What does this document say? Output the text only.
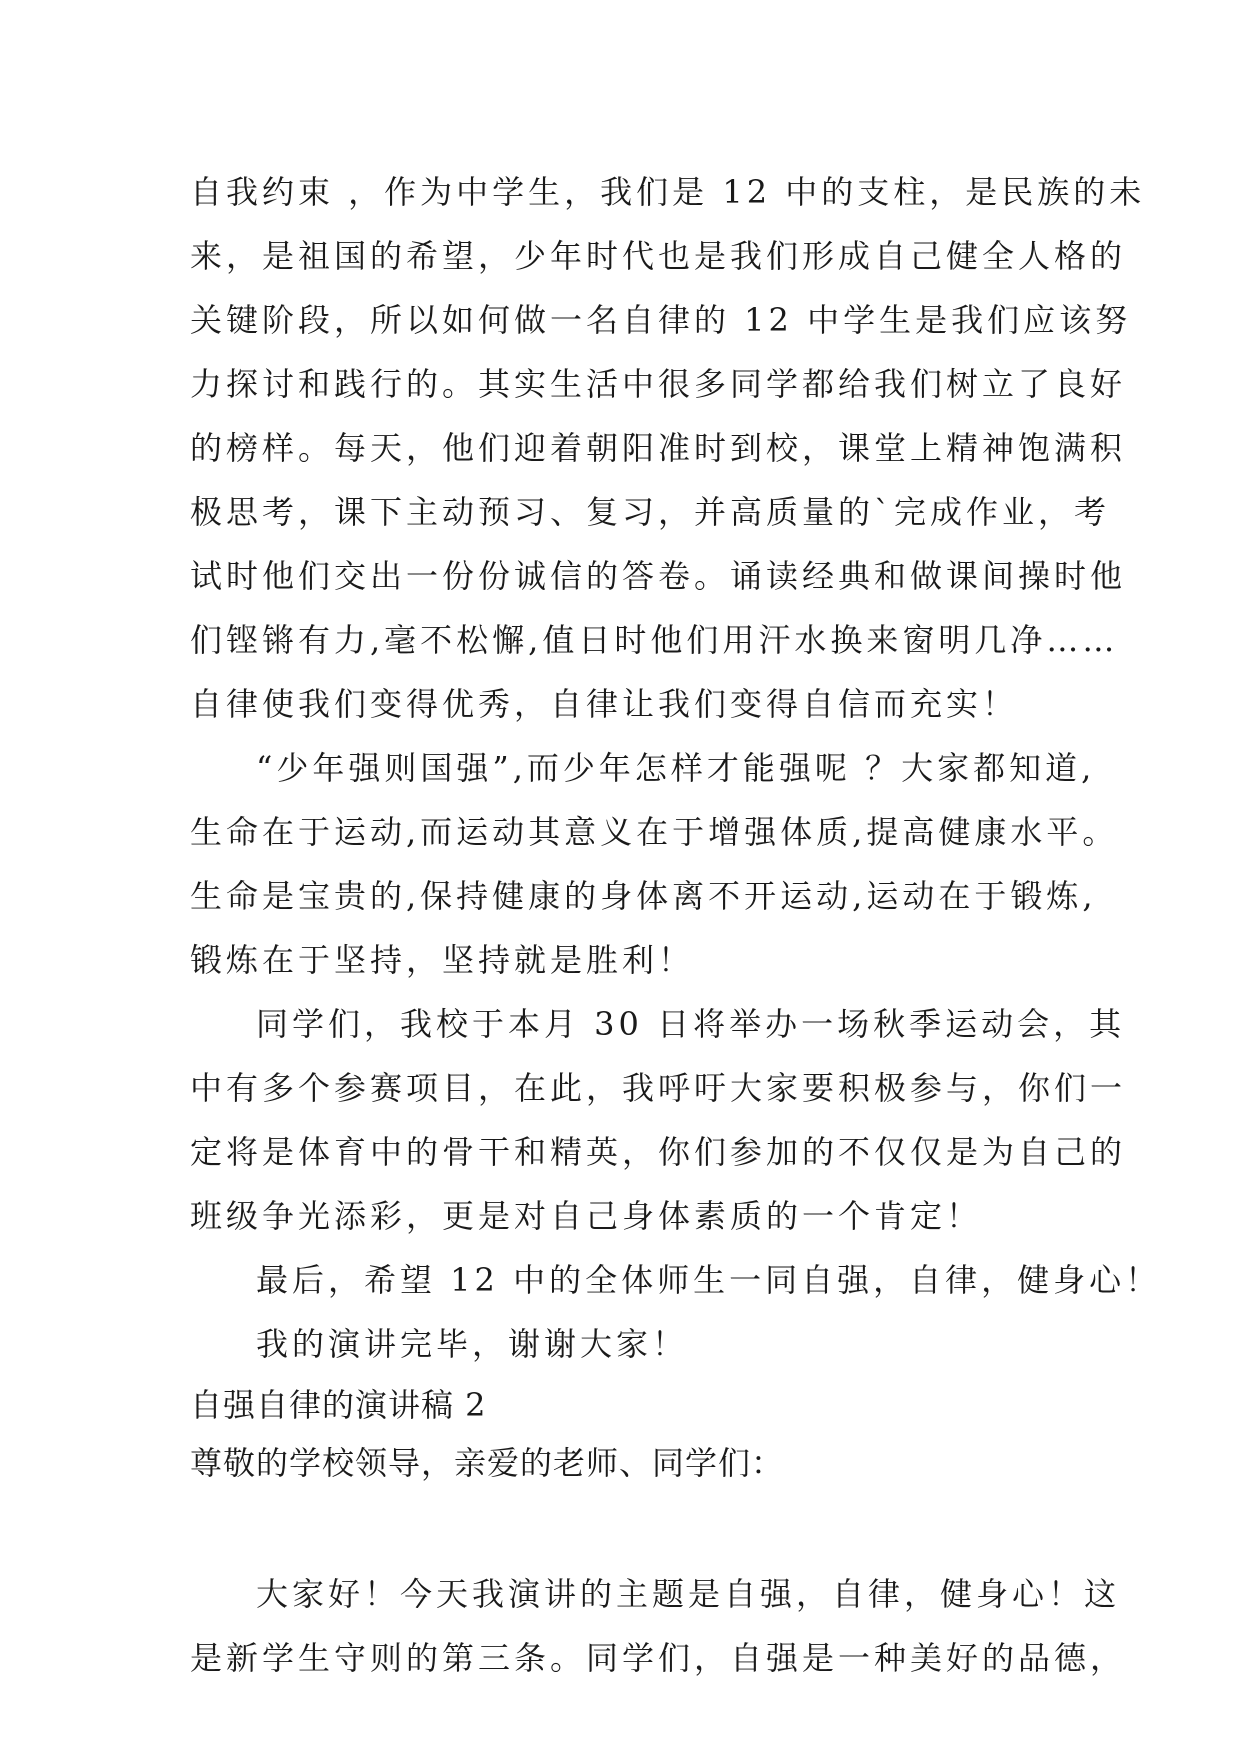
自我约束 ，作为中学生，我们是 12 中的支柱，是民族的未
来，是祖国的希望，少年时代也是我们形成自己健全人格的
关键阶段，所以如何做一名自律的 12 中学生是我们应该努
力探讨和践行的。其实生活中很多同学都给我们树立了良好
的榜样。每天，他们迎着朝阳准时到校，课堂上精神饱满积
极思考，课下主动预习、复习，并高质量的`完成作业，考
试时他们交出一份份诚信的答卷。诵读经典和做课间操时他
们铿锵有力,毫不松懈,值日时他们用汗水换来窗明几净……
自律使我们变得优秀，自律让我们变得自信而充实！
“少年强则国强”,而少年怎样才能强呢 ？大家都知道,
生命在于运动,而运动其意义在于增强体质,提高健康水平。
生命是宝贵的,保持健康的身体离不开运动,运动在于锻炼,
锻炼在于坚持，坚持就是胜利！
同学们，我校于本月 30 日将举办一场秋季运动会，其
中有多个参赛项目，在此，我呼吁大家要积极参与，你们一
定将是体育中的骨干和精英，你们参加的不仅仅是为自己的
班级争光添彩，更是对自己身体素质的一个肯定！
最后，希望 12 中的全体师生一同自强，自律，健身心！
我的演讲完毕，谢谢大家！
自强自律的演讲稿 2
尊敬的学校领导，亲爱的老师、同学们：
大家好！今天我演讲的主题是自强，自律，健身心！这
是新学生守则的第三条。同学们，自强是一种美好的品德，
